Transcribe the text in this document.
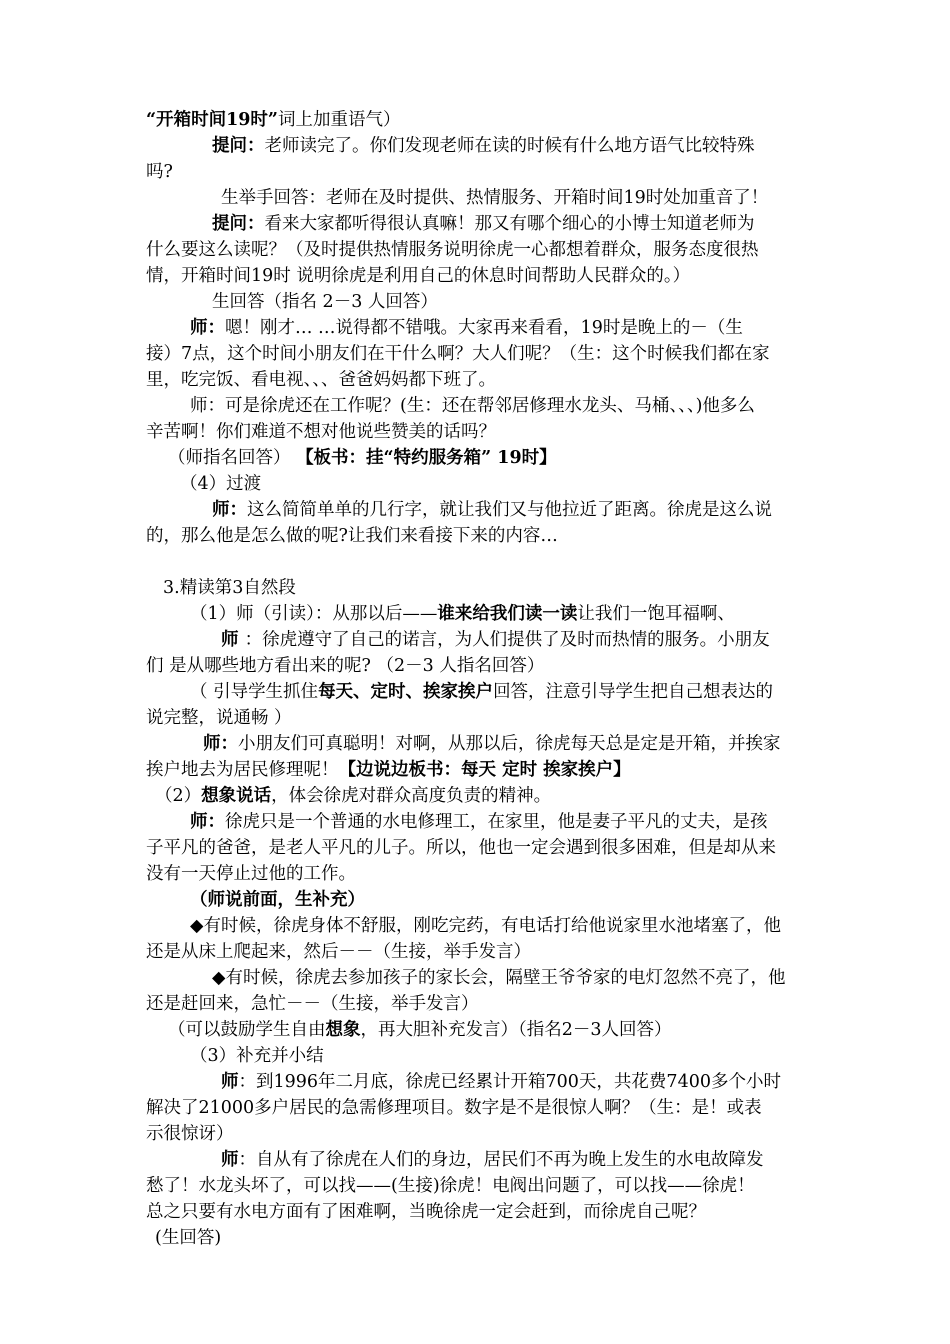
“开箱时间19时”词上加重语气）
提问：老师读完了。你们发现老师在读的时候有什么地方语气比较特殊
吗?
生举手回答：老师在及时提供、热情服务、开箱时间19时处加重音了！
提问：看来大家都听得很认真嘛！那又有哪个细心的小博士知道老师为
什么要这么读呢？（及时提供热情服务说明徐虎一心都想着群众，服务态度很热
情，开箱时间19时 说明徐虎是利用自己的休息时间帮助人民群众的。）
生回答（指名 2－3 人回答）
师：嗯！刚才… …说得都不错哦。大家再来看看，19时是晚上的－（生
接）7点，这个时间小朋友们在干什么啊？大人们呢？（生：这个时候我们都在家
里，吃完饭、看电视、、、爸爸妈妈都下班了。
师：可是徐虎还在工作呢？(生：还在帮邻居修理水龙头、马桶、、、)他多么
辛苦啊！你们难道不想对他说些赞美的话吗？
（师指名回答） 【板书：挂“特约服务箱” 19时】
（4）过渡
师：这么简简单单的几行字，就让我们又与他拉近了距离。徐虎是这么说
的，那么他是怎么做的呢?让我们来看接下来的内容…
3.精读第3自然段
（1）师（引读）：从那以后——谁来给我们读一读让我们一饱耳福啊、
师 ：徐虎遵守了自己的诺言，为人们提供了及时而热情的服务。小朋友
们 是从哪些地方看出来的呢? （2－3 人指名回答）
（ 引导学生抓住每天、定时、挨家挨户回答，注意引导学生把自己想表达的
说完整，说通畅 ）
师：小朋友们可真聪明！对啊，从那以后，徐虎每天总是定是开箱，并挨家
挨户地去为居民修理呢！【边说边板书：每天 定时 挨家挨户】
（2）想象说话，体会徐虎对群众高度负责的精神。
师：徐虎只是一个普通的水电修理工，在家里，他是妻子平凡的丈夫，是孩
子平凡的爸爸，是老人平凡的儿子。所以，他也一定会遇到很多困难，但是却从来
没有一天停止过他的工作。
（师说前面，生补充）
◆有时候，徐虎身体不舒服，刚吃完药，有电话打给他说家里水池堵塞了，他
还是从床上爬起来，然后－－（生接，举手发言）
◆有时候，徐虎去参加孩子的家长会，隔壁王爷爷家的电灯忽然不亮了，他
还是赶回来，急忙－－（生接，举手发言）
（可以鼓励学生自由想象，再大胆补充发言）（指名2－3人回答）
（3）补充并小结
师：到1996年二月底，徐虎已经累计开箱700天，共花费7400多个小时
解决了21000多户居民的急需修理项目。数字是不是很惊人啊？（生：是！或表
示很惊讶）
师：自从有了徐虎在人们的身边，居民们不再为晚上发生的水电故障发
愁了！水龙头坏了，可以找——(生接)徐虎！电阀出问题了，可以找——徐虎！
总之只要有水电方面有了困难啊，当晚徐虎一定会赶到，而徐虎自己呢？
(生回答)
